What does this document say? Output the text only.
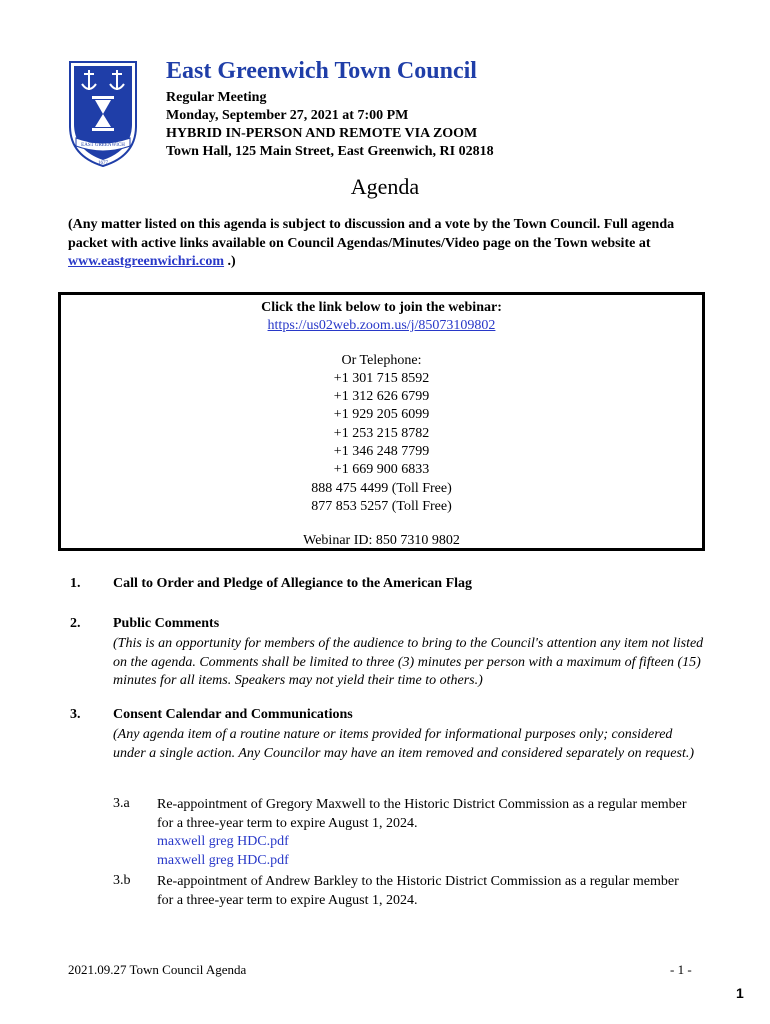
EAST GREENWICH
1677
East Greenwich Town Council
Regular Meeting
Monday, September 27, 2021 at 7:00 PM
HYBRID IN-PERSON AND REMOTE VIA ZOOM
Town Hall, 125 Main Street, East Greenwich, RI 02818
Agenda
(Any matter listed on this agenda is subject to discussion and a vote by the Town Council. Full agenda packet with active links available on Council Agendas/Minutes/Video page on the Town website at www.eastgreenwichri.com .)
Click the link below to join the webinar:
https://us02web.zoom.us/j/85073109802
Or Telephone:
+1 301 715 8592
+1 312 626 6799
+1 929 205 6099
+1 253 215 8782
+1 346 248 7799
+1 669 900 6833
888 475 4499 (Toll Free)
877 853 5257 (Toll Free)
Webinar ID: 850 7310 9802
1. Call to Order and Pledge of Allegiance to the American Flag
2. Public Comments
(This is an opportunity for members of the audience to bring to the Council's attention any item not listed on the agenda. Comments shall be limited to three (3) minutes per person with a maximum of fifteen (15) minutes for all items. Speakers may not yield their time to others.)
3. Consent Calendar and Communications
(Any agenda item of a routine nature or items provided for informational purposes only; considered under a single action. Any Councilor may have an item removed and considered separately on request.)
3.a Re-appointment of Gregory Maxwell to the Historic District Commission as a regular member for a three-year term to expire August 1, 2024.
maxwell greg HDC.pdf
maxwell greg HDC.pdf
3.b Re-appointment of Andrew Barkley to the Historic District Commission as a regular member for a three-year term to expire August 1, 2024.
2021.09.27 Town Council Agenda	- 1 -
1
